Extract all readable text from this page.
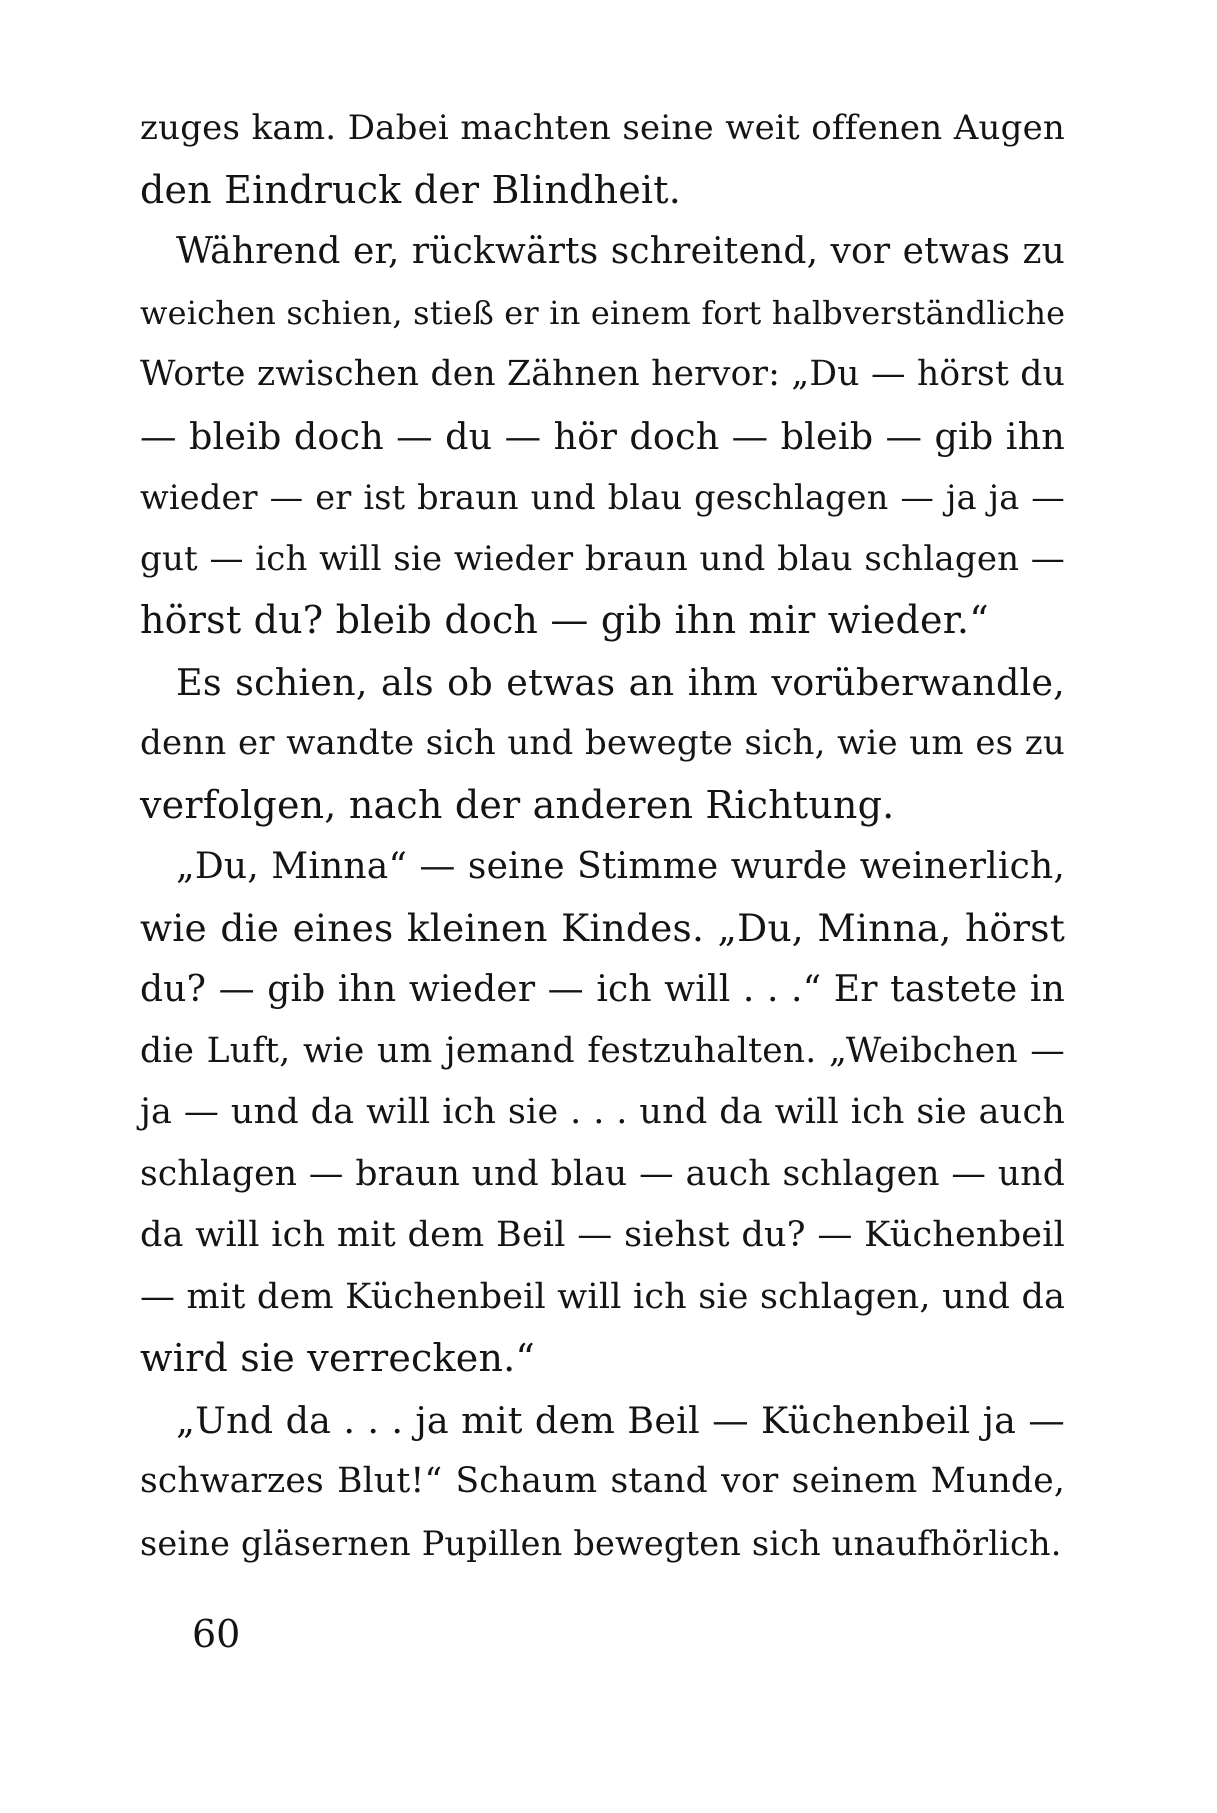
zuges kam. Dabei machten seine weit offenen Augen
den Eindruck der Blindheit.
Während er, rückwärts schreitend, vor etwas zu
weichen schien, stieß er in einem fort halbverständliche
Worte zwischen den Zähnen hervor: „Du — hörst du
— bleib doch — du — hör doch — bleib — gib ihn
wieder — er ist braun und blau geschlagen — ja ja —
gut — ich will sie wieder braun und blau schlagen —
hörst du? bleib doch — gib ihn mir wieder.“
Es schien, als ob etwas an ihm vorüberwandle,
denn er wandte sich und bewegte sich, wie um es zu
verfolgen, nach der anderen Richtung.
„Du, Minna“ — seine Stimme wurde weinerlich,
wie die eines kleinen Kindes. „Du, Minna, hörst
du? — gib ihn wieder — ich will . . .“ Er tastete in
die Luft, wie um jemand festzuhalten. „Weibchen —
ja — und da will ich sie . . . und da will ich sie auch
schlagen — braun und blau — auch schlagen — und
da will ich mit dem Beil — siehst du? — Küchenbeil
— mit dem Küchenbeil will ich sie schlagen, und da
wird sie verrecken.“
„Und da . . . ja mit dem Beil — Küchenbeil ja —
schwarzes Blut!“ Schaum stand vor seinem Munde,
seine gläsernen Pupillen bewegten sich unaufhörlich.
60
